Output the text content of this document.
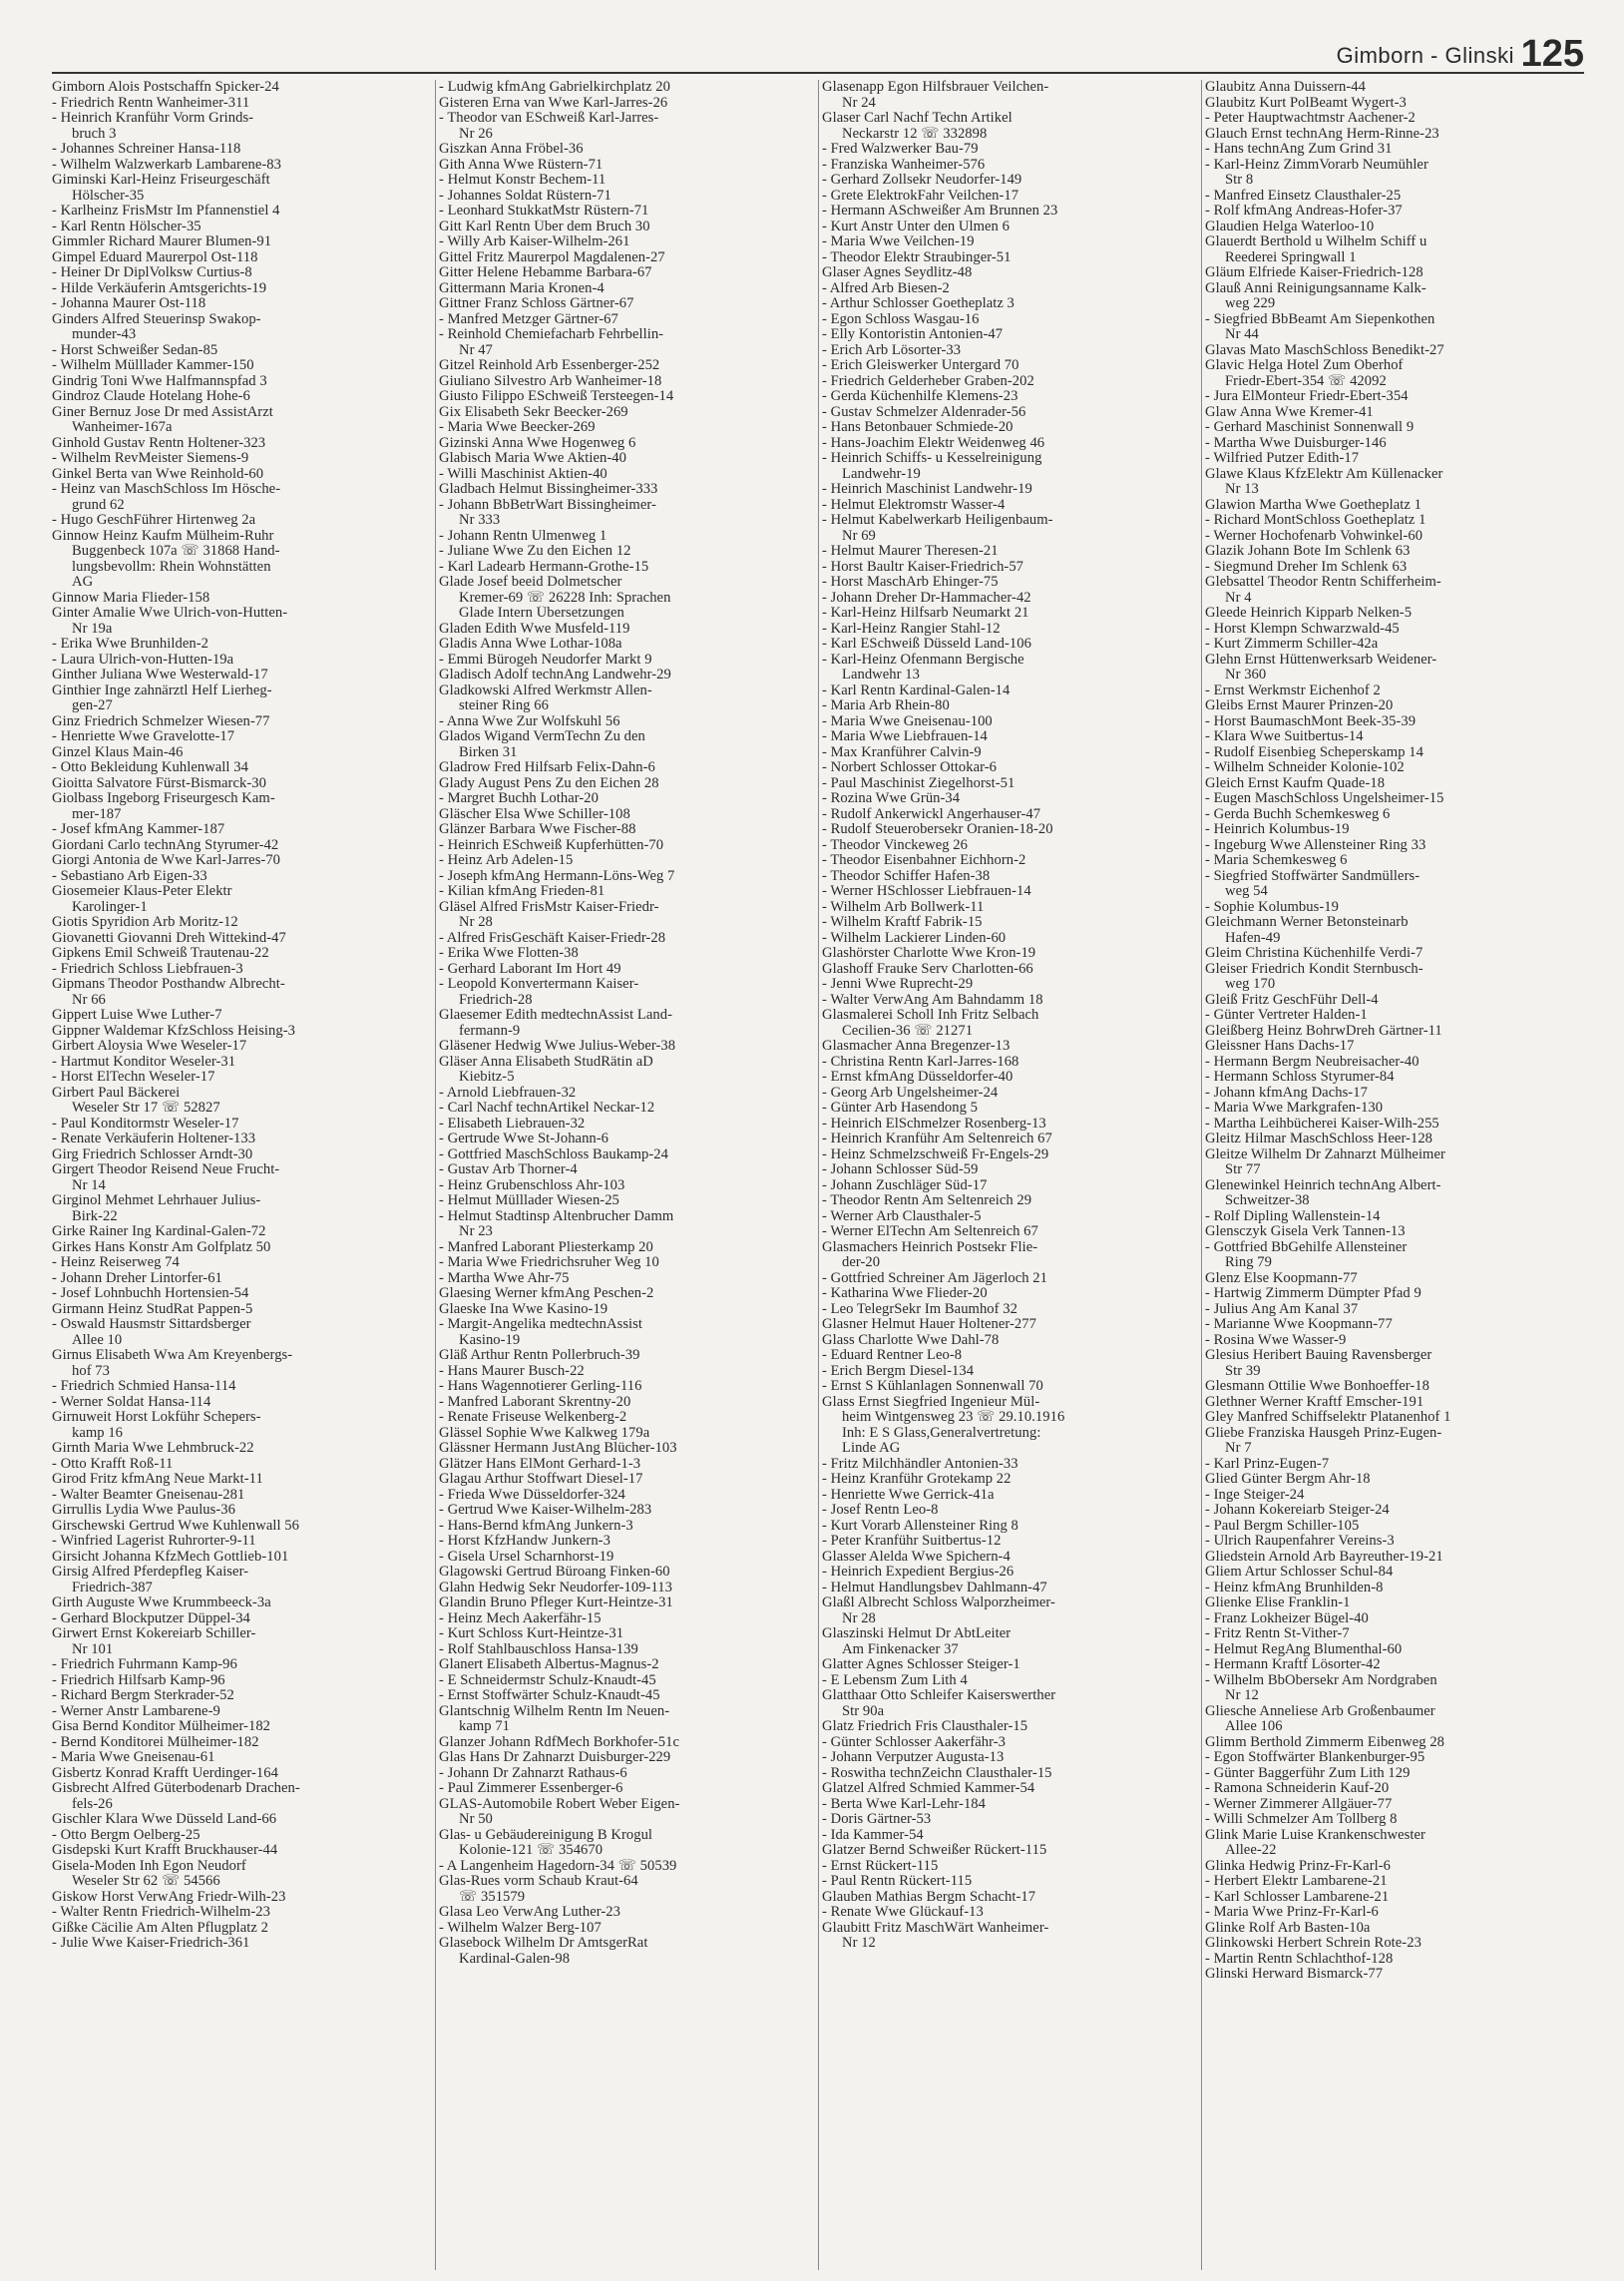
Gimborn - Glinski 125
Gimborn Alois Postschaffn Spicker-24
- Friedrich Rentn Wanheimer-311
- Heinrich Kranführ Vorm Grinds-
bruch 3
- Johannes Schreiner Hansa-118
- Wilhelm Walzwerkarb Lambarene-83
Giminski Karl-Heinz Friseurgeschäft
Hölscher-35
- Karlheinz FrisMstr Im Pfannenstiel 4
- Karl Rentn Hölscher-35
Gimmler Richard Maurer Blumen-91
Gimpel Eduard Maurerpol Ost-118
- Heiner Dr DiplVolksw Curtius-8
- Hilde Verkäuferin Amtsgerichts-19
- Johanna Maurer Ost-118
Ginders Alfred Steuerinsp Swakop-
munder-43
- Horst Schweißer Sedan-85
- Wilhelm Mülllader Kammer-150
Gindrig Toni Wwe Halfmannspfad 3
Gindroz Claude Hotelang Hohe-6
Giner Bernuz Jose Dr med AssistArzt
Wanheimer-167a
Ginhold Gustav Rentn Holtener-323
- Wilhelm RevMeister Siemens-9
Ginkel Berta van Wwe Reinhold-60
- Heinz van MaschSchloss Im Hösche-
grund 62
- Hugo GeschFührer Hirtenweg 2a
Ginnow Heinz Kaufm Mülheim-Ruhr
Buggenbeck 107a ☏ 31868 Hand-
lungsbevollm: Rhein Wohnstätten
AG
Ginnow Maria Flieder-158
Ginter Amalie Wwe Ulrich-von-Hutten-
Nr 19a
- Erika Wwe Brunhilden-2
- Laura Ulrich-von-Hutten-19a
Ginther Juliana Wwe Westerwald-17
Ginthier Inge zahnärztl Helf Lierheg-
gen-27
Ginz Friedrich Schmelzer Wiesen-77
- Henriette Wwe Gravelotte-17
Ginzel Klaus Main-46
- Otto Bekleidung Kuhlenwall 34
Gioitta Salvatore Fürst-Bismarck-30
Giolbass Ingeborg Friseurgesch Kam-
mer-187
- Josef kfmAng Kammer-187
Giordani Carlo technAng Styrumer-42
Giorgi Antonia de Wwe Karl-Jarres-70
- Sebastiano Arb Eigen-33
Giosemeier Klaus-Peter Elektr
Karolinger-1
Giotis Spyridion Arb Moritz-12
Giovanetti Giovanni Dreh Wittekind-47
Gipkens Emil Schweiß Trautenau-22
- Friedrich Schloss Liebfrauen-3
Gipmans Theodor Posthandw Albrecht-
Nr 66
Gippert Luise Wwe Luther-7
Gippner Waldemar KfzSchloss Heising-3
Girbert Aloysia Wwe Weseler-17
- Hartmut Konditor Weseler-31
- Horst ElTechn Weseler-17
Girbert Paul Bäckerei
Weseler Str 17 ☏ 52827
- Paul Konditormstr Weseler-17
- Renate Verkäuferin Holtener-133
Girg Friedrich Schlosser Arndt-30
Girgert Theodor Reisend Neue Frucht-
Nr 14
Girginol Mehmet Lehrhauer Julius-
Birk-22
Girke Rainer Ing Kardinal-Galen-72
Girkes Hans Konstr Am Golfplatz 50
- Heinz Reiserweg 74
- Johann Dreher Lintorfer-61
- Josef Lohnbuchh Hortensien-54
Girmann Heinz StudRat Pappen-5
- Oswald Hausmstr Sittardsberger
Allee 10
Girnus Elisabeth Wwa Am Kreyenbergs-
hof 73
- Friedrich Schmied Hansa-114
- Werner Soldat Hansa-114
Girnuweit Horst Lokführ Schepers-
kamp 16
Girnth Maria Wwe Lehmbruck-22
- Otto Krafft Roß-11
Girod Fritz kfmAng Neue Markt-11
- Walter Beamter Gneisenau-281
Girrullis Lydia Wwe Paulus-36
Girschewski Gertrud Wwe Kuhlenwall 56
- Winfried Lagerist Ruhrorter-9-11
Girsicht Johanna KfzMech Gottlieb-101
Girsig Alfred Pferdepfleg Kaiser-
Friedrich-387
Girth Auguste Wwe Krummbeeck-3a
- Gerhard Blockputzer Düppel-34
Girwert Ernst Kokereiarb Schiller-
Nr 101
- Friedrich Fuhrmann Kamp-96
- Friedrich Hilfsarb Kamp-96
- Richard Bergm Sterkrader-52
- Werner Anstr Lambarene-9
Gisa Bernd Konditor Mülheimer-182
- Bernd Konditorei Mülheimer-182
- Maria Wwe Gneisenau-61
Gisbertz Konrad Krafft Uerdinger-164
Gisbrecht Alfred Güterbodenarb Drachen-
fels-26
Gischler Klara Wwe Düsseld Land-66
- Otto Bergm Oelberg-25
Gisdepski Kurt Krafft Bruckhauser-44
Gisela-Moden Inh Egon Neudorf
Weseler Str 62 ☏ 54566
Giskow Horst VerwAng Friedr-Wilh-23
- Walter Rentn Friedrich-Wilhelm-23
Gißke Cäcilie Am Alten Pflugplatz 2
- Julie Wwe Kaiser-Friedrich-361
- Ludwig kfmAng Gabrielkirchplatz 20
Gisteren Erna van Wwe Karl-Jarres-26
- Theodor van ESchweiß Karl-Jarres-
Nr 26
Giszkan Anna Fröbel-36
Gith Anna Wwe Rüstern-71
- Helmut Konstr Bechem-11
- Johannes Soldat Rüstern-71
- Leonhard StukkatMstr Rüstern-71
Gitt Karl Rentn Über dem Bruch 30
- Willy Arb Kaiser-Wilhelm-261
Gittel Fritz Maurerpol Magdalenen-27
Gitter Helene Hebamme Barbara-67
Gittermann Maria Kronen-4
Gittner Franz Schloss Gärtner-67
- Manfred Metzger Gärtner-67
- Reinhold Chemiefacharb Fehrbellin-
Nr 47
Gitzel Reinhold Arb Essenberger-252
Giuliano Silvestro Arb Wanheimer-18
Giusto Filippo ESchweiß Tersteegen-14
Gix Elisabeth Sekr Beecker-269
- Maria Wwe Beecker-269
Gizinski Anna Wwe Hogenweg 6
Glabisch Maria Wwe Aktien-40
- Willi Maschinist Aktien-40
Gladbach Helmut Bissingheimer-333
- Johann BbBetrWart Bissingheimer-
Nr 333
- Johann Rentn Ulmenweg 1
- Juliane Wwe Zu den Eichen 12
- Karl Ladearb Hermann-Grothe-15
Glade Josef beeid Dolmetscher
Kremer-69 ☏ 26228 Inh: Sprachen
Glade Intern Übersetzungen
Gladen Edith Wwe Musfeld-119
Gladis Anna Wwe Lothar-108a
- Emmi Bürogeh Neudorfer Markt 9
Gladisch Adolf technAng Landwehr-29
Gladkowski Alfred Werkmstr Allen-
steiner Ring 66
- Anna Wwe Zur Wolfskuhl 56
Glados Wigand VermTechn Zu den
Birken 31
Gladrow Fred Hilfsarb Felix-Dahn-6
Glady August Pens Zu den Eichen 28
- Margret Buchh Lothar-20
Gläscher Elsa Wwe Schiller-108
Glänzer Barbara Wwe Fischer-88
- Heinrich ESchweiß Kupferhütten-70
- Heinz Arb Adelen-15
- Joseph kfmAng Hermann-Löns-Weg 7
- Kilian kfmAng Frieden-81
Gläsel Alfred FrisMstr Kaiser-Friedr-
Nr 28
- Alfred FrisGeschäft Kaiser-Friedr-28
- Erika Wwe Flotten-38
- Gerhard Laborant Im Hort 49
- Leopold Konvertermann Kaiser-
Friedrich-28
Glaesemer Edith medtechnAssist Land-
fermann-9
Gläsener Hedwig Wwe Julius-Weber-38
Gläser Anna Elisabeth StudRätin aD
Kiebitz-5
- Arnold Liebfrauen-32
- Carl Nachf technArtikel Neckar-12
- Elisabeth Liebrauen-32
- Gertrude Wwe St-Johann-6
- Gottfried MaschSchloss Baukamp-24
- Gustav Arb Thorner-4
- Heinz Grubenschloss Ahr-103
- Helmut Mülllader Wiesen-25
- Helmut Stadtinsp Altenbrucher Damm
Nr 23
- Manfred Laborant Pliesterkamp 20
- Maria Wwe Friedrichsruher Weg 10
- Martha Wwe Ahr-75
Glaesing Werner kfmAng Peschen-2
Glaeske Ina Wwe Kasino-19
- Margit-Angelika medtechnAssist
Kasino-19
Gläß Arthur Rentn Pollerbruch-39
- Hans Maurer Busch-22
- Hans Wagennotierer Gerling-116
- Manfred Laborant Skrentny-20
- Renate Friseuse Welkenberg-2
Glässel Sophie Wwe Kalkweg 179a
Glässner Hermann JustAng Blücher-103
Glätzer Hans ElMont Gerhard-1-3
Glagau Arthur Stoffwart Diesel-17
- Frieda Wwe Düsseldorfer-324
- Gertrud Wwe Kaiser-Wilhelm-283
- Hans-Bernd kfmAng Junkern-3
- Horst KfzHandw Junkern-3
- Gisela Ursel Scharnhorst-19
Glagowski Gertrud Büroang Finken-60
Glahn Hedwig Sekr Neudorfer-109-113
Glandin Bruno Pfleger Kurt-Heintze-31
- Heinz Mech Aakerfähr-15
- Kurt Schloss Kurt-Heintze-31
- Rolf Stahlbauschloss Hansa-139
Glanert Elisabeth Albertus-Magnus-2
- E Schneidermstr Schulz-Knaudt-45
- Ernst Stoffwärter Schulz-Knaudt-45
Glantschnig Wilhelm Rentn Im Neuen-
kamp 71
Glanzer Johann RdfMech Borkhofer-51c
Glas Hans Dr Zahnarzt Duisburger-229
- Johann Dr Zahnarzt Rathaus-6
- Paul Zimmerer Essenberger-6
GLAS-Automobile Robert Weber Eigen-
Nr 50
Glas- u Gebäudereinigung B Krogul
Kolonie-121 ☏ 354670
- A Langenheim Hagedorn-34 ☏ 50539
Glas-Rues vorm Schaub Kraut-64
☏ 351579
Glasa Leo VerwAng Luther-23
- Wilhelm Walzer Berg-107
Glasebock Wilhelm Dr AmtsgerRat
Kardinal-Galen-98
Glasenapp Egon Hilfsbrauer Veilchen-
Nr 24
Glaser Carl Nachf Techn Artikel
Neckarstr 12 ☏ 332898
- Fred Walzwerker Bau-79
- Franziska Wanheimer-576
- Gerhard Zollsekr Neudorfer-149
- Grete ElektrokFahr Veilchen-17
- Hermann ASchweißer Am Brunnen 23
- Kurt Anstr Unter den Ulmen 6
- Maria Wwe Veilchen-19
- Theodor Elektr Straubinger-51
Glaser Agnes Seydlitz-48
- Alfred Arb Biesen-2
- Arthur Schlosser Goetheplatz 3
- Egon Schloss Wasgau-16
- Elly Kontoristin Antonien-47
- Erich Arb Lösorter-33
- Erich Gleiswerker Untergard 70
- Friedrich Gelderheber Graben-202
- Gerda Küchenhilfe Klemens-23
- Gustav Schmelzer Aldenrader-56
- Hans Betonbauer Schmiede-20
- Hans-Joachim Elektr Weidenweg 46
- Heinrich Schiffs- u Kesselreinigung
Landwehr-19
- Heinrich Maschinist Landwehr-19
- Helmut Elektromstr Wasser-4
- Helmut Kabelwerkarb Heiligenbaum-
Nr 69
- Helmut Maurer Theresen-21
- Horst Baultr Kaiser-Friedrich-57
- Horst MaschArb Ehinger-75
- Johann Dreher Dr-Hammacher-42
- Karl-Heinz Hilfsarb Neumarkt 21
- Karl-Heinz Rangier Stahl-12
- Karl ESchweiß Düsseld Land-106
- Karl-Heinz Ofenmann Bergische
Landwehr 13
- Karl Rentn Kardinal-Galen-14
- Maria Arb Rhein-80
- Maria Wwe Gneisenau-100
- Maria Wwe Liebfrauen-14
- Max Kranführer Calvin-9
- Norbert Schlosser Ottokar-6
- Paul Maschinist Ziegelhorst-51
- Rozina Wwe Grün-34
- Rudolf Ankerwickl Angerhauser-47
- Rudolf Steuerobersekr Oranien-18-20
- Theodor Vinckeweg 26
- Theodor Eisenbahner Eichhorn-2
- Theodor Schiffer Hafen-38
- Werner HSchlosser Liebfrauen-14
- Wilhelm Arb Bollwerk-11
- Wilhelm Kraftf Fabrik-15
- Wilhelm Lackierer Linden-60
Glashörster Charlotte Wwe Kron-19
Glashoff Frauke Serv Charlotten-66
- Jenni Wwe Ruprecht-29
- Walter VerwAng Am Bahndamm 18
Glasmalerei Scholl Inh Fritz Selbach
Cecilien-36 ☏ 21271
Glasmacher Anna Bregenzer-13
- Christina Rentn Karl-Jarres-168
- Ernst kfmAng Düsseldorfer-40
- Georg Arb Ungelsheimer-24
- Günter Arb Hasendong 5
- Heinrich ElSchmelzer Rosenberg-13
- Heinrich Kranführ Am Seltenreich 67
- Heinz Schmelzschweiß Fr-Engels-29
- Johann Schlosser Süd-59
- Johann Zuschläger Süd-17
- Theodor Rentn Am Seltenreich 29
- Werner Arb Clausthaler-5
- Werner ElTechn Am Seltenreich 67
Glasmachers Heinrich Postsekr Flie-
der-20
- Gottfried Schreiner Am Jägerloch 21
- Katharina Wwe Flieder-20
- Leo TelegrSekr Im Baumhof 32
Glasner Helmut Hauer Holtener-277
Glass Charlotte Wwe Dahl-78
- Eduard Rentner Leo-8
- Erich Bergm Diesel-134
- Ernst S Kühlanlagen Sonnenwall 70
Glass Ernst Siegfried Ingenieur Mül-
heim Wintgensweg 23 ☏ 29.10.1916
Inh: E S Glass,Generalvertretung:
Linde AG
- Fritz Milchhändler Antonien-33
- Heinz Kranführ Grotekamp 22
- Henriette Wwe Gerrick-41a
- Josef Rentn Leo-8
- Kurt Vorarb Allensteiner Ring 8
- Peter Kranführ Suitbertus-12
Glasser Alelda Wwe Spichern-4
- Heinrich Expedient Bergius-26
- Helmut Handlungsbev Dahlmann-47
Glaßl Albrecht Schloss Walporzheimer-
Nr 28
Glaszinski Helmut Dr AbtLeiter
Am Finkenacker 37
Glatter Agnes Schlosser Steiger-1
- E Lebensm Zum Lith 4
Glatthaar Otto Schleifer Kaiserswerther
Str 90a
Glatz Friedrich Fris Clausthaler-15
- Günter Schlosser Aakerfähr-3
- Johann Verputzer Augusta-13
- Roswitha technZeichn Clausthaler-15
Glatzel Alfred Schmied Kammer-54
- Berta Wwe Karl-Lehr-184
- Doris Gärtner-53
- Ida Kammer-54
Glatzer Bernd Schweißer Rückert-115
- Ernst Rückert-115
- Paul Rentn Rückert-115
Glauben Mathias Bergm Schacht-17
- Renate Wwe Glückauf-13
Glaubitt Fritz MaschWärt Wanheimer-
Nr 12
Glaubitz Anna Duissern-44
Glaubitz Kurt PolBeamt Wygert-3
- Peter Hauptwachtmstr Aachener-2
Glauch Ernst technAng Herm-Rinne-23
- Hans technAng Zum Grind 31
- Karl-Heinz ZimmVorarb Neumühler
Str 8
- Manfred Einsetz Clausthaler-25
- Rolf kfmAng Andreas-Hofer-37
Glaudien Helga Waterloo-10
Glauerdt Berthold u Wilhelm Schiff u
Reederei Springwall 1
Gläum Elfriede Kaiser-Friedrich-128
Glauß Anni Reinigungsanname Kalk-
weg 229
- Siegfried BbBeamt Am Siepenkothen
Nr 44
Glavas Mato MaschSchloss Benedikt-27
Glavic Helga Hotel Zum Oberhof
Friedr-Ebert-354 ☏ 42092
- Jura ElMonteur Friedr-Ebert-354
Glaw Anna Wwe Kremer-41
- Gerhard Maschinist Sonnenwall 9
- Martha Wwe Duisburger-146
- Wilfried Putzer Edith-17
Glawe Klaus KfzElektr Am Küllenacker
Nr 13
Glawion Martha Wwe Goetheplatz 1
- Richard MontSchloss Goetheplatz 1
- Werner Hochofenarb Vohwinkel-60
Glazik Johann Bote Im Schlenk 63
- Siegmund Dreher Im Schlenk 63
Glebsattel Theodor Rentn Schifferheim-
Nr 4
Gleede Heinrich Kipparb Nelken-5
- Horst Klempn Schwarzwald-45
- Kurt Zimmerm Schiller-42a
Glehn Ernst Hüttenwerksarb Weidener-
Nr 360
- Ernst Werkmstr Eichenhof 2
Gleibs Ernst Maurer Prinzen-20
- Horst BaumaschMont Beek-35-39
- Klara Wwe Suitbertus-14
- Rudolf Eisenbieg Scheperskamp 14
- Wilhelm Schneider Kolonie-102
Gleich Ernst Kaufm Quade-18
- Eugen MaschSchloss Ungelsheimer-15
- Gerda Buchh Schemkesweg 6
- Heinrich Kolumbus-19
- Ingeburg Wwe Allensteiner Ring 33
- Maria Schemkesweg 6
- Siegfried Stoffwärter Sandmüllers-
weg 54
- Sophie Kolumbus-19
Gleichmann Werner Betonsteinarb
Hafen-49
Gleim Christina Küchenhilfe Verdi-7
Gleiser Friedrich Kondit Sternbusch-
weg 170
Gleiß Fritz GeschFühr Dell-4
- Günter Vertreter Halden-1
Gleißberg Heinz BohrwDreh Gärtner-11
Gleissner Hans Dachs-17
- Hermann Bergm Neubreisacher-40
- Hermann Schloss Styrumer-84
- Johann kfmAng Dachs-17
- Maria Wwe Markgrafen-130
- Martha Leihbücherei Kaiser-Wilh-255
Gleitz Hilmar MaschSchloss Heer-128
Gleitze Wilhelm Dr Zahnarzt Mülheimer
Str 77
Glenewinkel Heinrich technAng Albert-
Schweitzer-38
- Rolf Dipling Wallenstein-14
Glensczyk Gisela Verk Tannen-13
- Gottfried BbGehilfe Allensteiner
Ring 79
Glenz Else Koopmann-77
- Hartwig Zimmerm Dümpter Pfad 9
- Julius Ang Am Kanal 37
- Marianne Wwe Koopmann-77
- Rosina Wwe Wasser-9
Glesius Heribert Bauing Ravensberger
Str 39
Glesmann Ottilie Wwe Bonhoeffer-18
Glethner Werner Kraftf Emscher-191
Gley Manfred Schiffselektr Platanenhof 1
Gliebe Franziska Hausgeh Prinz-Eugen-
Nr 7
- Karl Prinz-Eugen-7
Glied Günter Bergm Ahr-18
- Inge Steiger-24
- Johann Kokereiarb Steiger-24
- Paul Bergm Schiller-105
- Ulrich Raupenfahrer Vereins-3
Gliedstein Arnold Arb Bayreuther-19-21
Gliem Artur Schlosser Schul-84
- Heinz kfmAng Brunhilden-8
Glienke Elise Franklin-1
- Franz Lokheizer Bügel-40
- Fritz Rentn St-Vither-7
- Helmut RegAng Blumenthal-60
- Hermann Kraftf Lösorter-42
- Wilhelm BbObersekr Am Nordgraben
Nr 12
Gliesche Anneliese Arb Großenbaumer
Allee 106
Glimm Berthold Zimmerm Eibenweg 28
- Egon Stoffwärter Blankenburger-95
- Günter Baggerführ Zum Lith 129
- Ramona Schneiderin Kauf-20
- Werner Zimmerer Allgäuer-77
- Willi Schmelzer Am Tollberg 8
Glink Marie Luise Krankenschwester
Allee-22
Glinka Hedwig Prinz-Fr-Karl-6
- Herbert Elektr Lambarene-21
- Karl Schlosser Lambarene-21
- Maria Wwe Prinz-Fr-Karl-6
Glinke Rolf Arb Basten-10a
Glinkowski Herbert Schrein Rote-23
- Martin Rentn Schlachthof-128
Glinski Herward Bismarck-77
